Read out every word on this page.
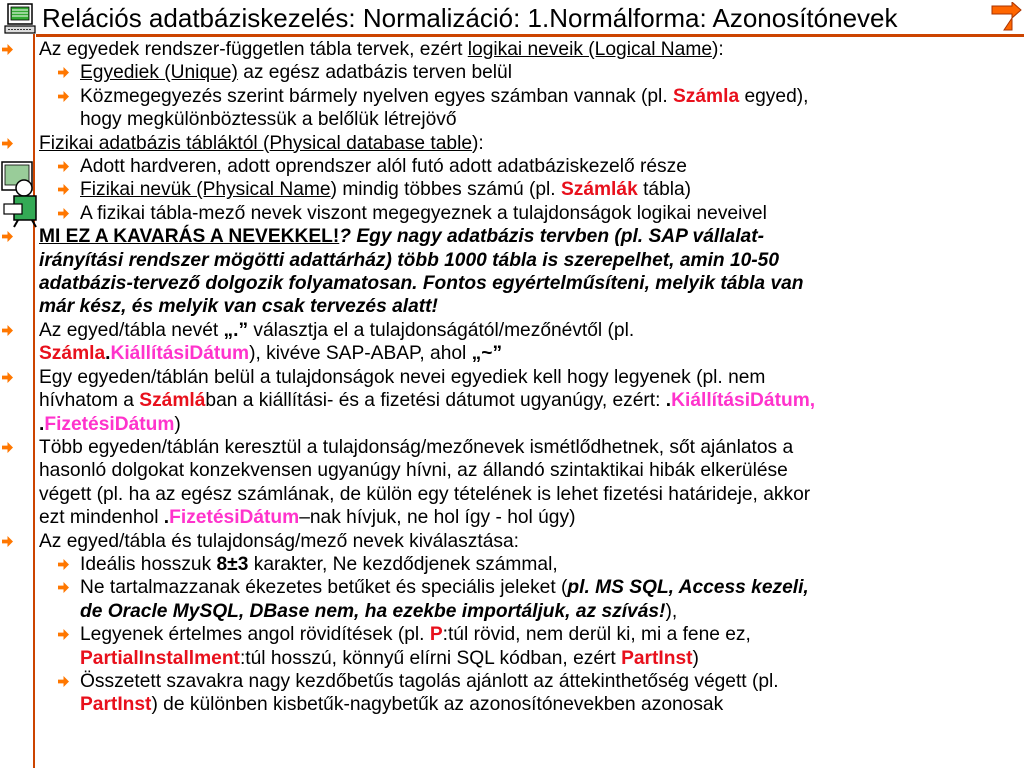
Relációs adatbáziskezelés: Normalizáció: 1.Normálforma: Azonosítónevek
Az egyedek rendszer-független tábla tervek, ezért logikai neveik (Logical Name):
Egyediek (Unique) az egész adatbázis terven belül
Közmegegyezés szerint bármely nyelven egyes számban vannak (pl. Számla egyed),
hogy megkülönböztessük a belőlük létrejövő
Fizikai adatbázis tábláktól (Physical database table):
Adott hardveren, adott oprendszer alól futó adott adatbáziskezelő része
Fizikai nevük (Physical Name) mindig többes számú (pl. Számlák tábla)
A fizikai tábla-mező nevek viszont megegyeznek a tulajdonságok logikai neveivel
MI EZ A KAVARÁS A NEVEKKEL!? Egy nagy adatbázis tervben (pl. SAP vállalat-
irányítási rendszer mögötti adattárház) több 1000 tábla is szerepelhet, amin 10-50
adatbázis-tervező dolgozik folyamatosan. Fontos egyértelműsíteni, melyik tábla van
már kész, és melyik van csak tervezés alatt!
Az egyed/tábla nevét „.” választja el a tulajdonságától/mezőnévtől (pl.
Számla.KiállításiDátum), kivéve SAP-ABAP, ahol „~”
Egy egyeden/táblán belül a tulajdonságok nevei egyediek kell hogy legyenek (pl. nem
hívhatom a Számlában a kiállítási- és a fizetési dátumot ugyanúgy, ezért: .KiállításiDátum,
.FizetésiDátum)
Több egyeden/táblán keresztül a tulajdonság/mezőnevek ismétlődhetnek, sőt ajánlatos a
hasonló dolgokat konzekvensen ugyanúgy hívni, az állandó szintaktikai hibák elkerülése
végett (pl. ha az egész számlának, de külön egy tételének is lehet fizetési határideje, akkor
ezt mindenhol .FizetésiDátum–nak hívjuk, ne hol így - hol úgy)
Az egyed/tábla és tulajdonság/mező nevek kiválasztása:
Ideális hosszuk 8±3 karakter, Ne kezdődjenek számmal,
Ne tartalmazzanak ékezetes betűket és speciális jeleket (pl. MS SQL, Access kezeli,
de Oracle MySQL, DBase nem, ha ezekbe importáljuk, az szívás!),
Legyenek értelmes angol rövidítések (pl. P:túl rövid, nem derül ki, mi a fene ez,
PartialInstallment:túl hosszú, könnyű elírni SQL kódban, ezért PartInst)
Összetett szavakra nagy kezdőbetűs tagolás ajánlott az áttekinthetőség végett (pl.
PartInst) de különben kisbetűk-nagybetűk az azonosítónevekben azonosak
